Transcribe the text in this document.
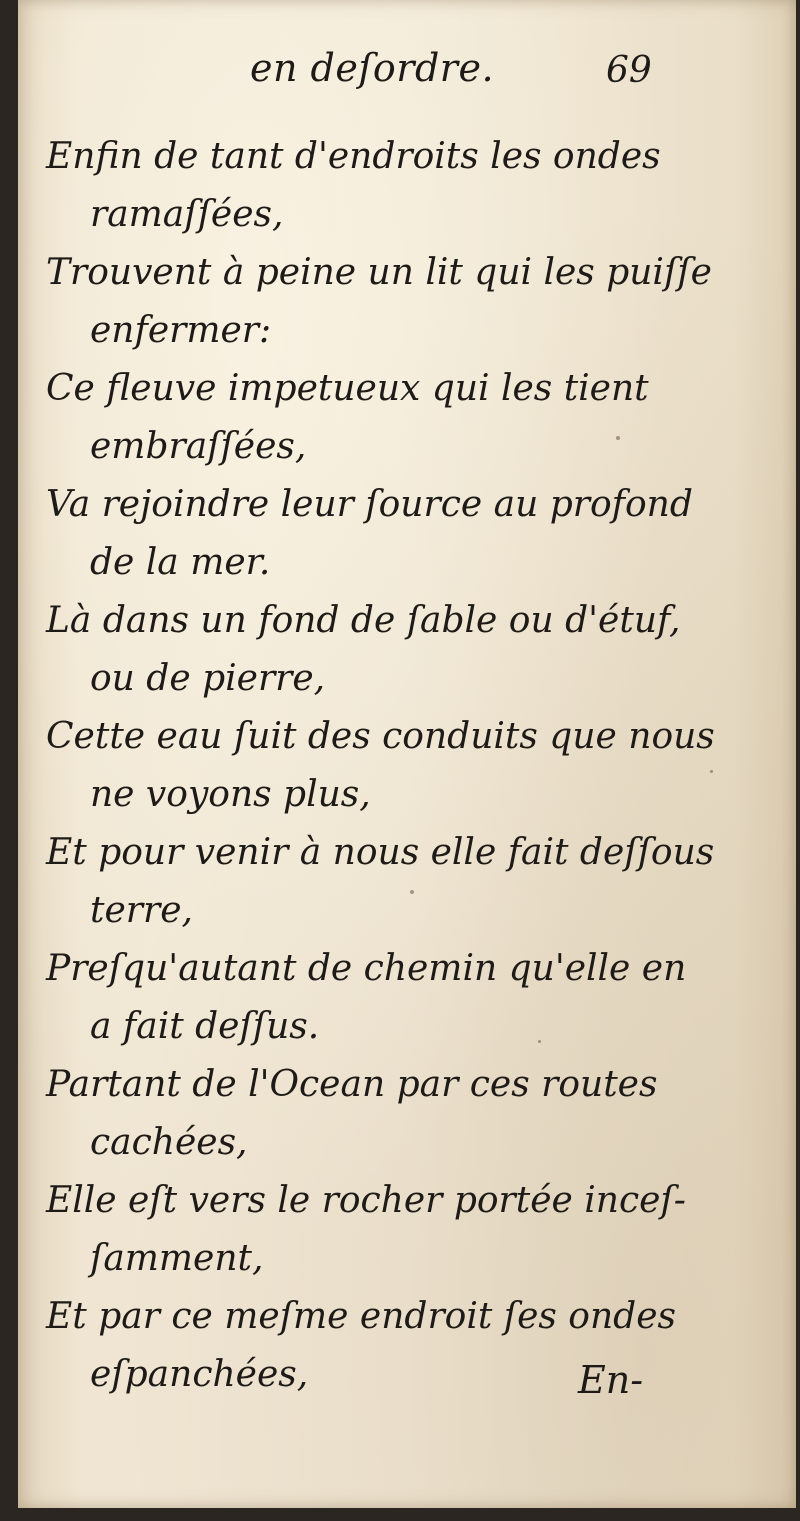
en deſordre.	69
Enfin de tant d'endroits les ondes
ramaſſées,
Trouvent à peine un lit qui les puiſſe
enfermer:
Ce fleuve impetueux qui les tient
embraſſées,
Va rejoindre leur ſource au profond
de la mer.
Là dans un fond de ſable ou d'étuf,
ou de pierre,
Cette eau ſuit des conduits que nous
ne voyons plus,
Et pour venir à nous elle fait deſſous
terre,
Preſqu'autant de chemin qu'elle en
a fait deſſus.
Partant de l'Ocean par ces routes
cachées,
Elle eſt vers le rocher portée inceſ-
ſamment,
Et par ce meſme endroit ſes ondes
eſpanchées,	En-
